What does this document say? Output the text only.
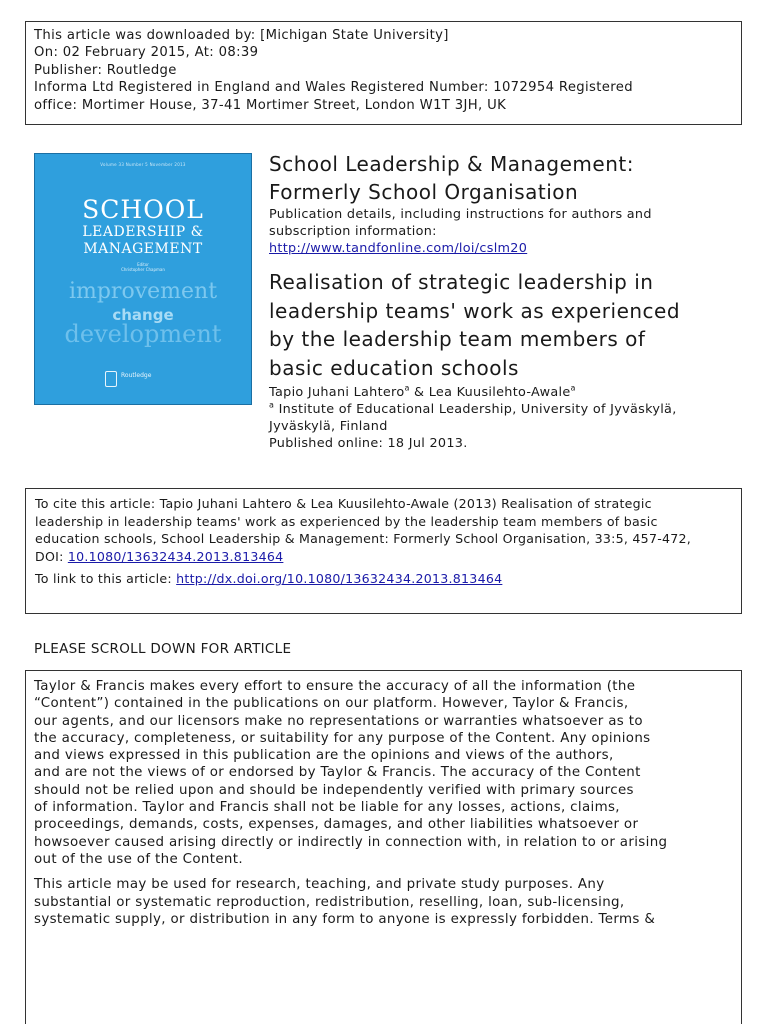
This article was downloaded by: [Michigan State University]
On: 02 February 2015, At: 08:39
Publisher: Routledge
Informa Ltd Registered in England and Wales Registered Number: 1072954 Registered
office: Mortimer House, 37-41 Mortimer Street, London W1T 3JH, UK
Volume 33 Number 5 November 2013
SCHOOL
LEADERSHIP &
MANAGEMENT
Editor
Christopher Chapman
improvement
change
development
Routledge
School Leadership & Management:
Formerly School Organisation
Publication details, including instructions for authors and
subscription information:
http://www.tandfonline.com/loi/cslm20
Realisation of strategic leadership in
leadership teams' work as experienced
by the leadership team members of
basic education schools
Tapio Juhani Lahtero$^a$ & Lea Kuusilehto-Awale$^a$
$^a$ Institute of Educational Leadership, University of Jyväskylä,
Jyväskylä, Finland
Published online: 18 Jul 2013.
To cite this article: Tapio Juhani Lahtero & Lea Kuusilehto-Awale (2013) Realisation of strategic
leadership in leadership teams' work as experienced by the leadership team members of basic
education schools, School Leadership & Management: Formerly School Organisation, 33:5, 457-472,
DOI: 10.1080/13632434.2013.813464
To link to this article: http://dx.doi.org/10.1080/13632434.2013.813464
PLEASE SCROLL DOWN FOR ARTICLE

Taylor & Francis makes every effort to ensure the accuracy of all the information (the
“Content”) contained in the publications on our platform. However, Taylor & Francis,
our agents, and our licensors make no representations or warranties whatsoever as to
the accuracy, completeness, or suitability for any purpose of the Content. Any opinions
and views expressed in this publication are the opinions and views of the authors,
and are not the views of or endorsed by Taylor & Francis. The accuracy of the Content
should not be relied upon and should be independently verified with primary sources
of information. Taylor and Francis shall not be liable for any losses, actions, claims,
proceedings, demands, costs, expenses, damages, and other liabilities whatsoever or
howsoever caused arising directly or indirectly in connection with, in relation to or arising
out of the use of the Content.

This article may be used for research, teaching, and private study purposes. Any
substantial or systematic reproduction, redistribution, reselling, loan, sub-licensing,
systematic supply, or distribution in any form to anyone is expressly forbidden. Terms &
